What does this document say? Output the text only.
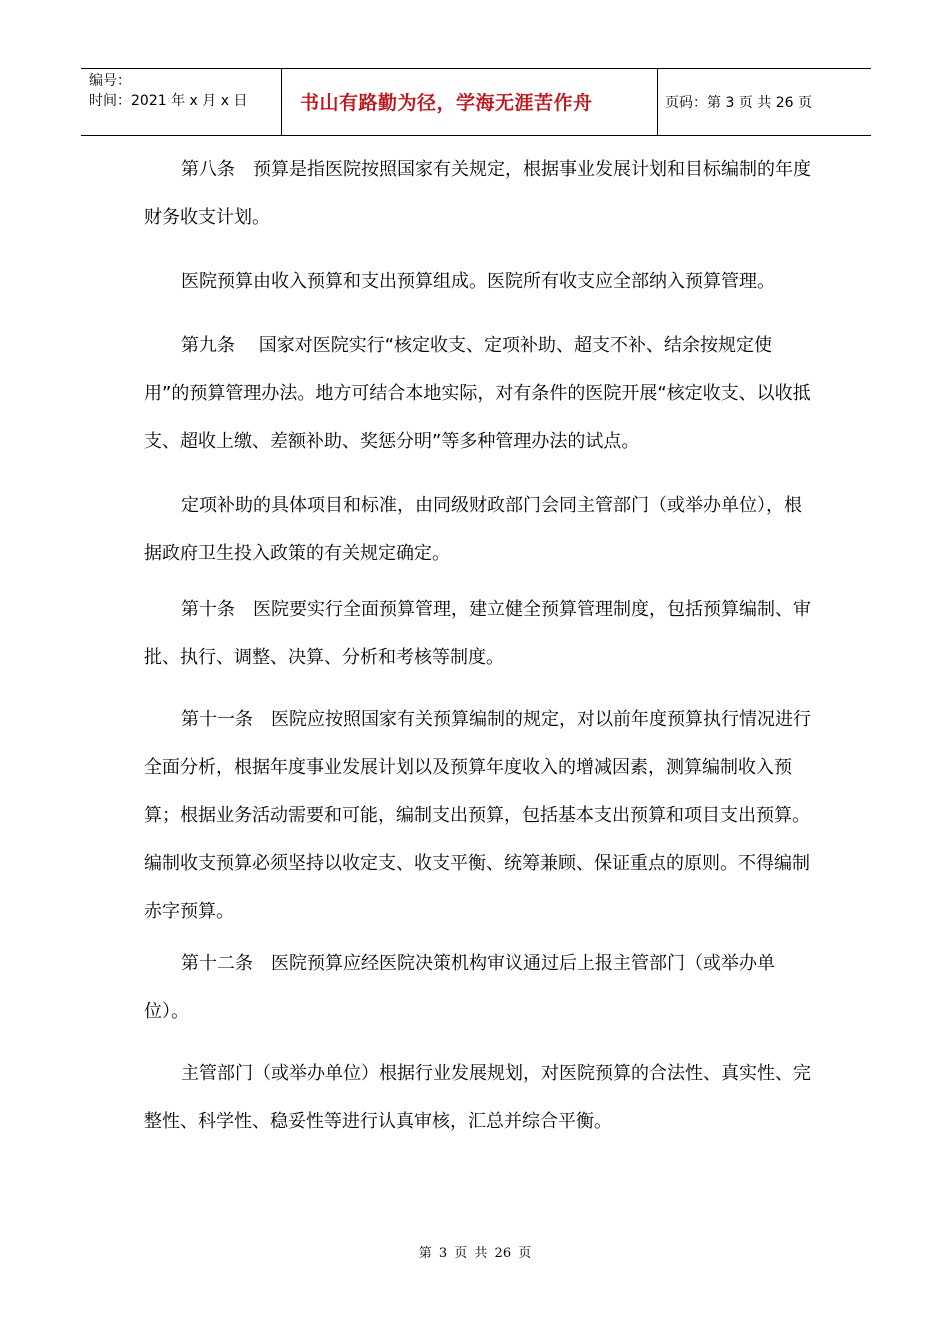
编号：
时间：2021 年 x 月 x 日	书山有路勤为径，学海无涯苦作舟	页码：第 3 页 共 26 页

第八条　预算是指医院按照国家有关规定，根据事业发展计划和目标编制的年度财务收支计划。

医院预算由收入预算和支出预算组成。医院所有收支应全部纳入预算管理。

第九条　 国家对医院实行“核定收支、定项补助、超支不补、结余按规定使用”的预算管理办法。地方可结合本地实际，对有条件的医院开展“核定收支、以收抵支、超收上缴、差额补助、奖惩分明”等多种管理办法的试点。

定项补助的具体项目和标准，由同级财政部门会同主管部门（或举办单位），根据政府卫生投入政策的有关规定确定。

第十条　医院要实行全面预算管理，建立健全预算管理制度，包括预算编制、审批、执行、调整、决算、分析和考核等制度。

第十一条　医院应按照国家有关预算编制的规定，对以前年度预算执行情况进行全面分析，根据年度事业发展计划以及预算年度收入的增减因素，测算编制收入预算；根据业务活动需要和可能，编制支出预算，包括基本支出预算和项目支出预算。编制收支预算必须坚持以收定支、收支平衡、统筹兼顾、保证重点的原则。不得编制赤字预算。

第十二条　医院预算应经医院决策机构审议通过后上报主管部门（或举办单位）。

主管部门（或举办单位）根据行业发展规划，对医院预算的合法性、真实性、完整性、科学性、稳妥性等进行认真审核，汇总并综合平衡。

第 3 页 共 26 页
